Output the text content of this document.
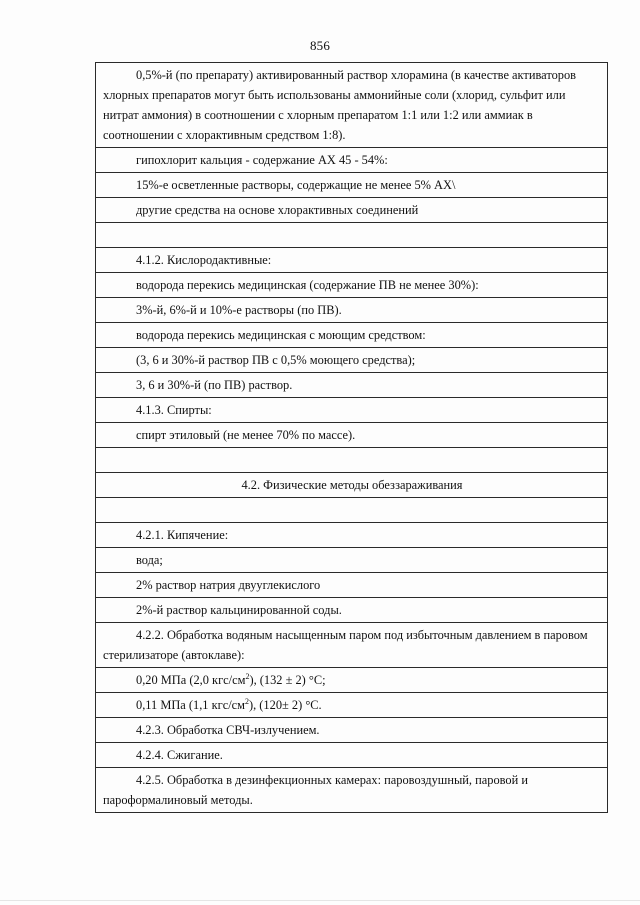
856
0,5%-й (по препарату) активированный раствор хлорамина (в качестве активаторов хлорных препаратов могут быть использованы аммонийные соли (хлорид, сульфит или нитрат аммония) в соотношении с хлорным препаратом 1:1 или 1:2 или аммиак в соотношении с хлорактивным средством 1:8).
гипохлорит кальция - содержание АХ 45 - 54%:
15%-е осветленные растворы, содержащие не менее 5% АХ\
другие средства на основе хлорактивных соединений
4.1.2. Кислородактивные:
водорода перекись медицинская (содержание ПВ не менее 30%):
3%-й, 6%-й и 10%-е растворы (по ПВ).
водорода перекись медицинская с моющим средством:
(3, 6 и 30%-й раствор ПВ с 0,5% моющего средства);
3, 6 и 30%-й (по ПВ) раствор.
4.1.3. Спирты:
спирт этиловый (не менее 70% по массе).
4.2. Физические методы обеззараживания
4.2.1. Кипячение:
вода;
2% раствор натрия двууглекислого
2%-й раствор кальцинированной соды.
4.2.2. Обработка водяным насыщенным паром под избыточным давлением в паровом стерилизаторе (автоклаве):
0,20 МПа (2,0 кгс/$см^2$), (132 ± 2) °С;
0,11 МПа (1,1 кгс/$см^2$), (120± 2) °С.
4.2.3. Обработка СВЧ-излучением.
4.2.4. Сжигание.
4.2.5. Обработка в дезинфекционных камерах: паровоздушный, паровой и пароформалиновый методы.
